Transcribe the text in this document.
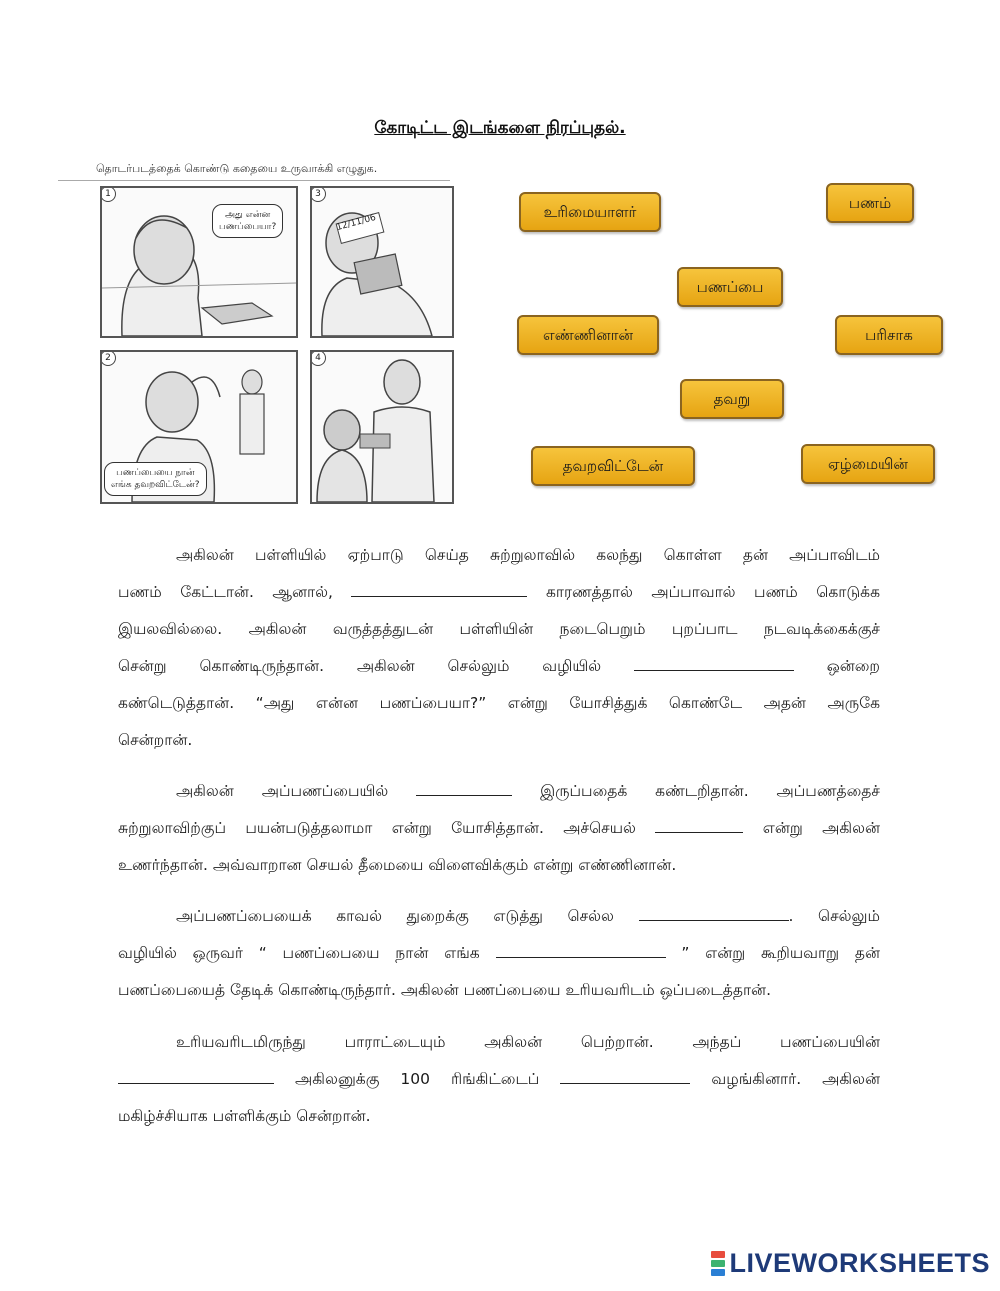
கோடிட்ட இடங்களை நிரப்புதல்.
தொடர்படத்தைக் கொண்டு கதையை உருவாக்கி எழுதுக.
1
அது என்ன
பணப்பையா?
3
12/11/06
2
பணப்பையை நான்
எங்க தவறவிட்டேன்?
4
உரிமையாளர்	பணம்
பணப்பை
எண்ணினான்	பரிசாக
தவறு
தவறவிட்டேன்	ஏழ்மையின்
அகிலன் பள்ளியில் ஏற்பாடு செய்த சுற்றுலாவில் கலந்து கொள்ள தன் அப்பாவிடம்
பணம் கேட்டான். ஆனால்,	காரணத்தால் அப்பாவால் பணம் கொடுக்க
இயலவில்லை. அகிலன் வருத்தத்துடன் பள்ளியின் நடைபெறும் புறப்பாட நடவடிக்கைக்குச்
சென்று கொண்டிருந்தான். அகிலன் செல்லும் வழியில்	ஒன்றை
கண்டெடுத்தான். “அது என்ன பணப்பையா?” என்று யோசித்துக் கொண்டே அதன் அருகே
சென்றான்.
அகிலன் அப்பணப்பையில்	இருப்பதைக் கண்டறிதான். அப்பணத்தைச்
சுற்றுலாவிற்குப் பயன்படுத்தலாமா என்று யோசித்தான். அச்செயல்	என்று அகிலன்
உணர்ந்தான். அவ்வாறான செயல் தீமையை விளைவிக்கும் என்று எண்ணினான்.
அப்பணப்பையைக் காவல் துறைக்கு எடுத்து செல்ல	. செல்லும்
வழியில் ஒருவர் “ பணப்பையை நான் எங்க	” என்று கூறியவாறு தன்
பணப்பையைத் தேடிக் கொண்டிருந்தார். அகிலன் பணப்பையை உரியவரிடம் ஒப்படைத்தான்.
உரியவரிடமிருந்து பாராட்டையும் அகிலன் பெற்றான். அந்தப் பணப்பையின்
அகிலனுக்கு 100 ரிங்கிட்டைப்	வழங்கினார். அகிலன்
மகிழ்ச்சியாக பள்ளிக்கும் சென்றான்.
LIVEWORKSHEETS
